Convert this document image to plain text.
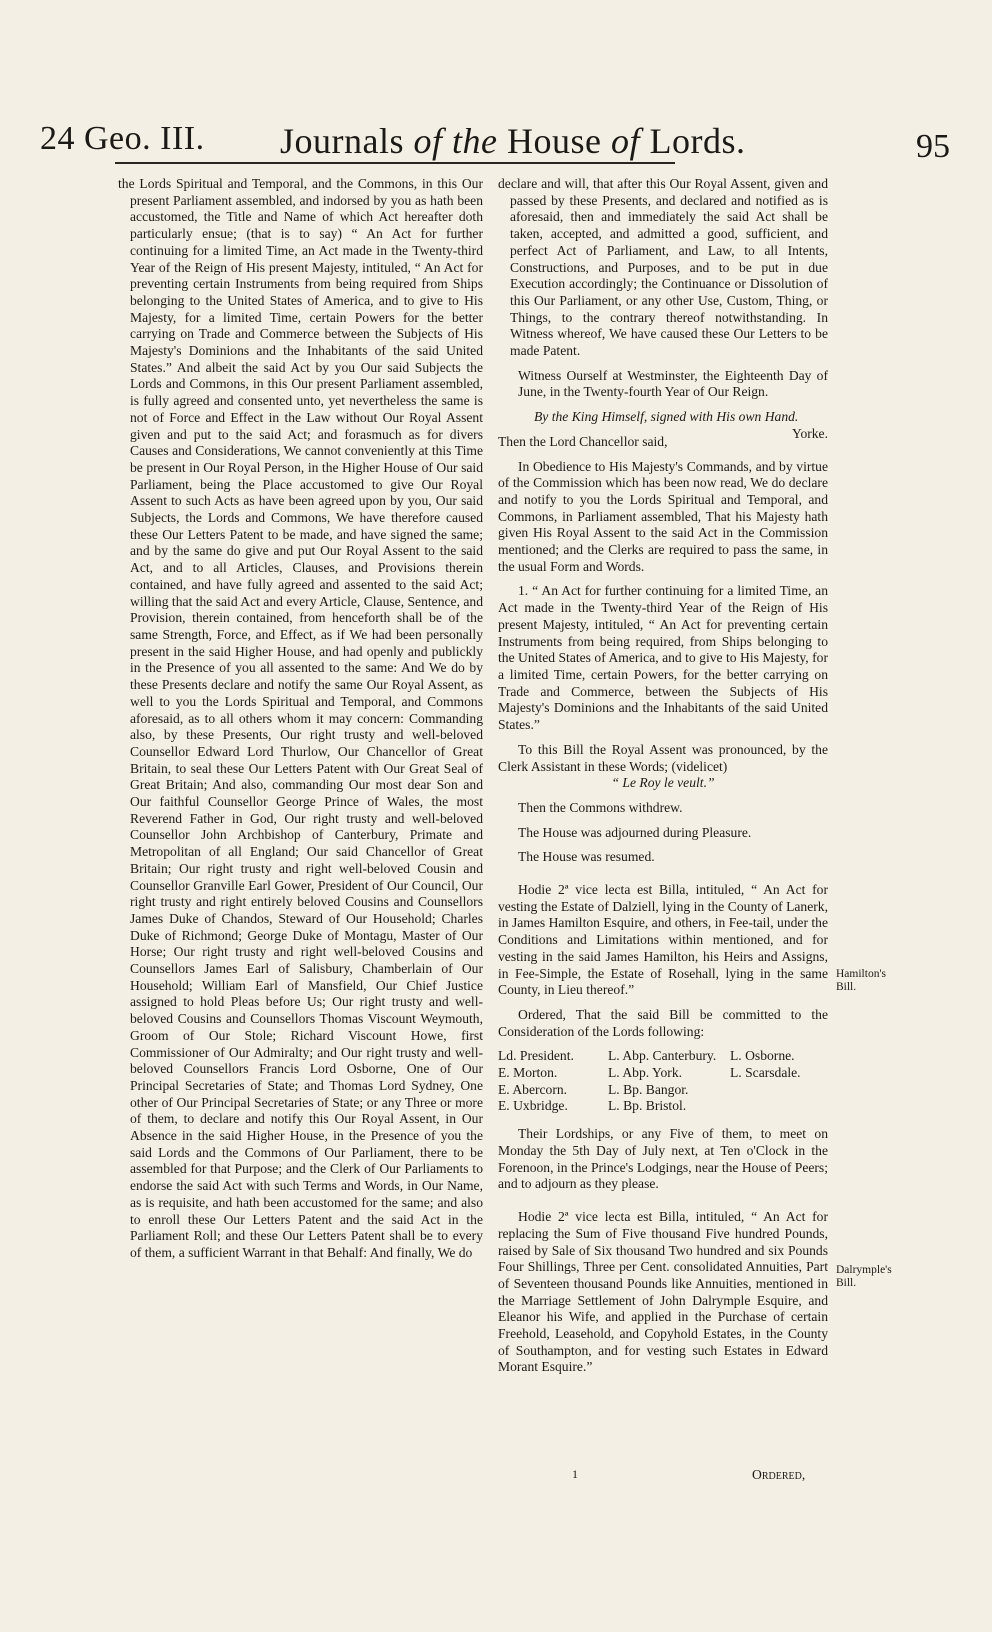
24 Geo. III. Journals of the House of Lords.	95

the Lords Spiritual and Temporal, and the Commons, in this Our present Parliament assembled, and indorsed by you as hath been accustomed, the Title and Name of which Act hereafter doth particularly ensue; (that is to say) “ An Act for further continuing for a limited Time, an Act made in the Twenty-third Year of the Reign of His present Majesty, intituled, “ An Act for preventing certain Instruments from being required from Ships belonging to the United States of America, and to give to His Majesty, for a limited Time, certain Powers for the better carrying on Trade and Commerce between the Subjects of His Majesty's Dominions and the Inhabitants of the said United States.” And albeit the said Act by you Our said Subjects the Lords and Commons, in this Our present Parliament assembled, is fully agreed and consented unto, yet nevertheless the same is not of Force and Effect in the Law without Our Royal Assent given and put to the said Act; and forasmuch as for divers Causes and Considerations, We cannot conveniently at this Time be present in Our Royal Person, in the Higher House of Our said Parliament, being the Place accustomed to give Our Royal Assent to such Acts as have been agreed upon by you, Our said Subjects, the Lords and Commons, We have therefore caused these Our Letters Patent to be made, and have signed the same; and by the same do give and put Our Royal Assent to the said Act, and to all Articles, Clauses, and Provisions therein contained, and have fully agreed and assented to the said Act; willing that the said Act and every Article, Clause, Sentence, and Provision, therein contained, from henceforth shall be of the same Strength, Force, and Effect, as if We had been personally present in the said Higher House, and had openly and publickly in the Presence of you all assented to the same: And We do by these Presents declare and notify the same Our Royal Assent, as well to you the Lords Spiritual and Temporal, and Commons aforesaid, as to all others whom it may concern: Commanding also, by these Presents, Our right trusty and well-beloved Counsellor Edward Lord Thurlow, Our Chancellor of Great Britain, to seal these Our Letters Patent with Our Great Seal of Great Britain; And also, commanding Our most dear Son and Our faithful Counsellor George Prince of Wales, the most Reverend Father in God, Our right trusty and well-beloved Counsellor John Archbishop of Canterbury, Primate and Metropolitan of all England; Our said Chancellor of Great Britain; Our right trusty and right well-beloved Cousin and Counsellor Granville Earl Gower, President of Our Council, Our right trusty and right entirely beloved Cousins and Counsellors James Duke of Chandos, Steward of Our Household; Charles Duke of Richmond; George Duke of Montagu, Master of Our Horse; Our right trusty and right well-beloved Cousins and Counsellors James Earl of Salisbury, Chamberlain of Our Household; William Earl of Mansfield, Our Chief Justice assigned to hold Pleas before Us; Our right trusty and well-beloved Cousins and Counsellors Thomas Viscount Weymouth, Groom of Our Stole; Richard Viscount Howe, first Commissioner of Our Admiralty; and Our right trusty and well-beloved Counsellors Francis Lord Osborne, One of Our Principal Secretaries of State; and Thomas Lord Sydney, One other of Our Principal Secretaries of State; or any Three or more of them, to declare and notify this Our Royal Assent, in Our Absence in the said Higher House, in the Presence of you the said Lords and the Commons of Our Parliament, there to be assembled for that Purpose; and the Clerk of Our Parliaments to endorse the said Act with such Terms and Words, in Our Name, as is requisite, and hath been accustomed for the same; and also to enroll these Our Letters Patent and the said Act in the Parliament Roll; and these Our Letters Patent shall be to every of them, a sufficient Warrant in that Behalf: And finally, We do

declare and will, that after this Our Royal Assent, given and passed by these Presents, and declared and notified as is aforesaid, then and immediately the said Act shall be taken, accepted, and admitted a good, sufficient, and perfect Act of Parliament, and Law, to all Intents, Constructions, and Purposes, and to be put in due Execution accordingly; the Continuance or Dissolution of this Our Parliament, or any other Use, Custom, Thing, or Things, to the contrary thereof notwithstanding. In Witness whereof, We have caused these Our Letters to be made Patent.

Witness Ourself at Westminster, the Eighteenth Day of June, in the Twenty-fourth Year of Our Reign.

By the King Himself, signed with His own Hand.
Yorke.

Then the Lord Chancellor said,

In Obedience to His Majesty's Commands, and by virtue of the Commission which has been now read, We do declare and notify to you the Lords Spiritual and Temporal, and Commons, in Parliament assembled, That his Majesty hath given His Royal Assent to the said Act in the Commission mentioned; and the Clerks are required to pass the same, in the usual Form and Words.

1. “ An Act for further continuing for a limited Time, an Act made in the Twenty-third Year of the Reign of His present Majesty, intituled, “ An Act for preventing certain Instruments from being required, from Ships belonging to the United States of America, and to give to His Majesty, for a limited Time, certain Powers, for the better carrying on Trade and Commerce, between the Subjects of His Majesty's Dominions and the Inhabitants of the said United States.”

To this Bill the Royal Assent was pronounced, by the Clerk Assistant in these Words; (videlicet)

“ Le Roy le veult.”

Then the Commons withdrew.

The House was adjourned during Pleasure.

The House was resumed.

Hodie 2ª vice lecta est Billa, intituled, “ An Act for vesting the Estate of Dalziell, lying in the County of Lanerk, in James Hamilton Esquire, and others, in Fee-tail, under the Conditions and Limitations within mentioned, and for vesting in the said James Hamilton, his Heirs and Assigns, in Fee-Simple, the Estate of Rosehall, lying in the same County, in Lieu thereof.”

Ordered, That the said Bill be committed to the Consideration of the Lords following:

Ld. President.
E. Morton.
E. Abercorn.
E. Uxbridge.
L. Abp. Canterbury.
L. Abp. York.
L. Bp. Bangor.
L. Bp. Bristol.
L. Osborne.
L. Scarsdale.

Their Lordships, or any Five of them, to meet on Monday the 5th Day of July next, at Ten o'Clock in the Forenoon, in the Prince's Lodgings, near the House of Peers; and to adjourn as they please.

Hodie 2ª vice lecta est Billa, intituled, “ An Act for replacing the Sum of Five thousand Five hundred Pounds, raised by Sale of Six thousand Two hundred and six Pounds Four Shillings, Three per Cent. consolidated Annuities, Part of Seventeen thousand Pounds like Annuities, mentioned in the Marriage Settlement of John Dalrymple Esquire, and Eleanor his Wife, and applied in the Purchase of certain Freehold, Leasehold, and Copyhold Estates, in the County of Southampton, and for vesting such Estates in Edward Morant Esquire.”

Hamilton's Bill.
Dalrymple's Bill.
1	Ordered,
